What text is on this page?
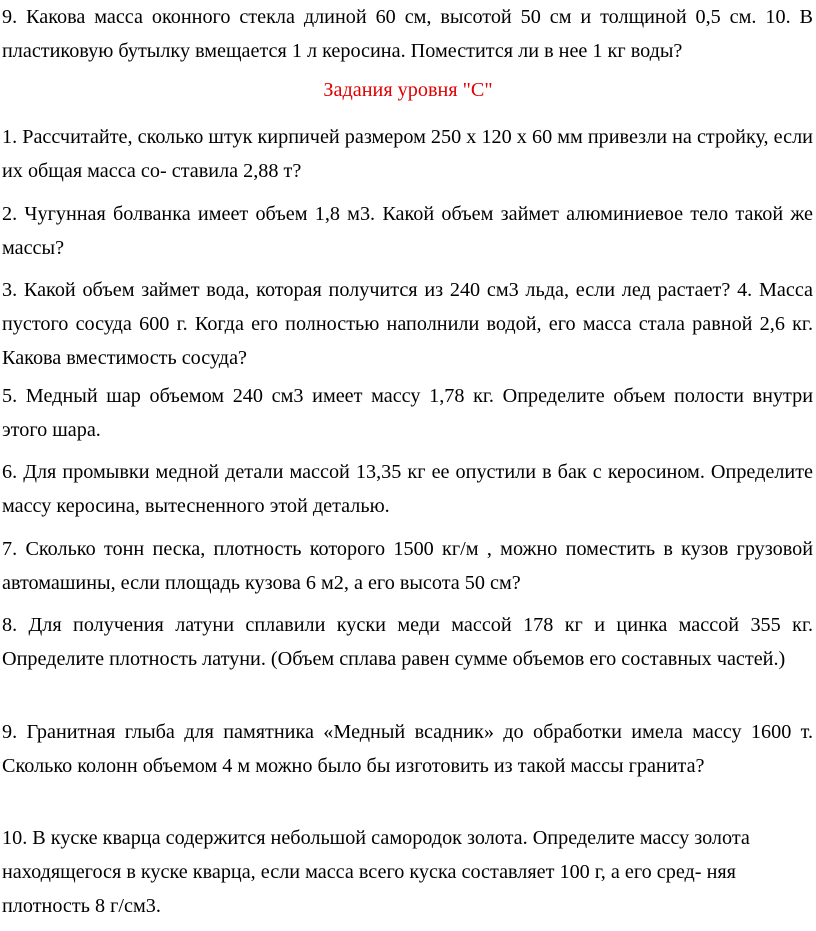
9. Какова масса оконного стекла длиной 60 см, высотой 50 см и толщиной 0,5 см. 10. В пластиковую бутылку вмещается 1 л керосина. Поместится ли в нее 1 кг воды?

Задания уровня "С"

1. Рассчитайте, сколько штук кирпичей размером 250 х 120 х 60 мм привезли на стройку, если их общая масса со- ставила 2,88 т?

2. Чугунная болванка имеет объем 1,8 м3. Какой объем займет алюминиевое тело такой же массы?

3. Какой объем займет вода, которая получится из 240 см3 льда, если лед растает? 4. Масса пустого сосуда 600 г. Когда его полностью наполнили водой, его масса стала равной 2,6 кг. Какова вместимость сосуда?

5. Медный шар объемом 240 см3 имеет массу 1,78 кг. Определите объем полости внутри этого шара.

6. Для промывки медной детали массой 13,35 кг ее опустили в бак с керосином. Определите массу керосина, вытесненного этой деталью.

7. Сколько тонн песка, плотность которого 1500 кг/м , можно поместить в кузов грузовой автомашины, если площадь кузова 6 м2, а его высота 50 см?

8. Для получения латуни сплавили куски меди массой 178 кг и цинка массой 355 кг. Определите плотность латуни. (Объем сплава равен сумме объемов его составных частей.)

9. Гранитная глыба для памятника «Медный всадник» до обработки имела массу 1600 т. Сколько колонн объемом 4 м можно было бы изготовить из такой массы гранита?

10. В куске кварца содержится небольшой самородок золота. Определите массу золота находящегося в куске кварца, если масса всего куска составляет 100 г, а его сред- няя плотность 8 г/см3.
